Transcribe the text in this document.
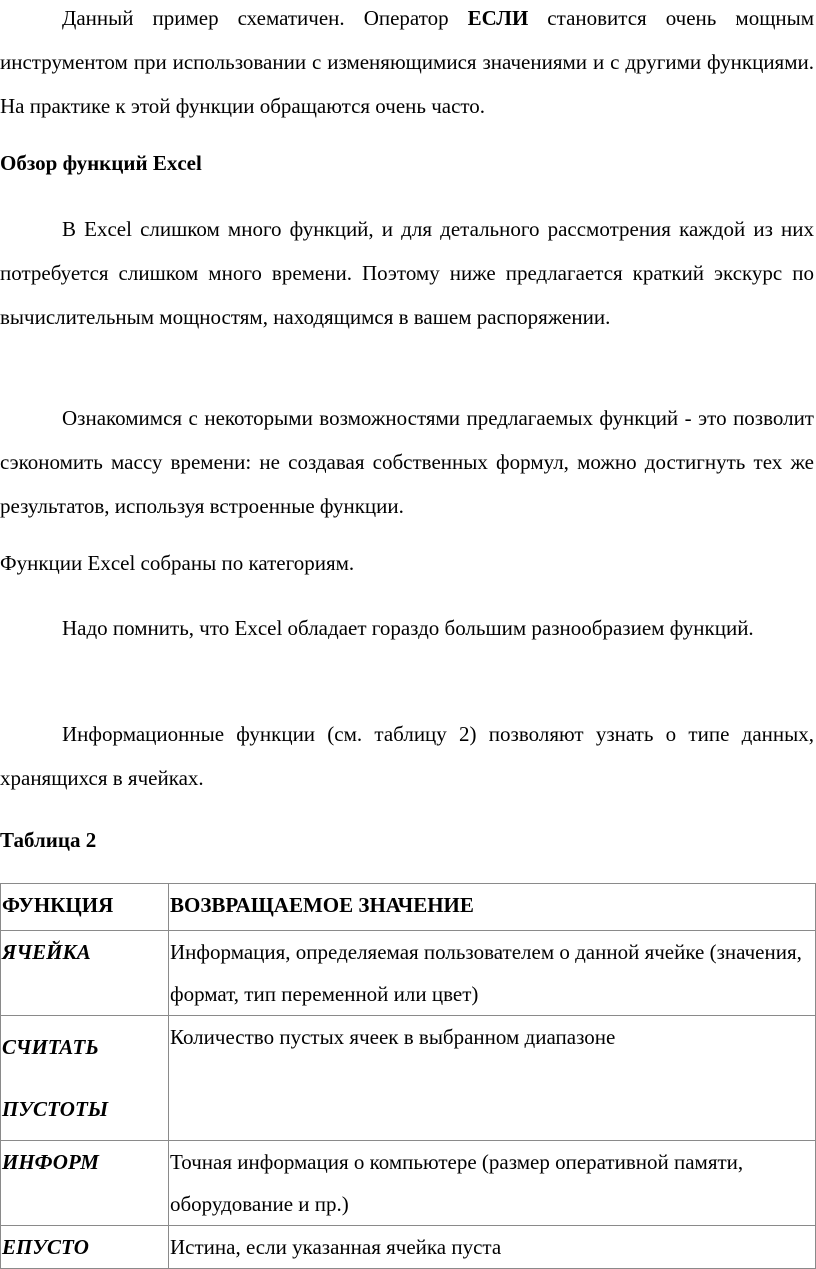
Данный пример схематичен. Оператор ЕСЛИ становится очень мощным инструментом при использовании с изменяющимися значениями и с другими функциями. На практике к этой функции обращаются очень часто.
Обзор функций Excel
В Excel слишком много функций, и для детального рассмотрения каждой из них потребуется слишком много времени. Поэтому ниже предлагается краткий экскурс по вычислительным мощностям, находящимся в вашем распоряжении.
Ознакомимся с некоторыми возможностями предлагаемых функций - это позволит сэкономить массу времени: не создавая собственных формул, можно достигнуть тех же результатов, используя встроенные функции.
Функции Excel собраны по категориям.
Надо помнить, что Excel обладает гораздо большим разнообразием функций.
Информационные функции (см. таблицу 2) позволяют узнать о типе данных, хранящихся в ячейках.
Таблица 2
ФУНКЦИЯ	ВОЗВРАЩАЕМОЕ ЗНАЧЕНИЕ
ЯЧЕЙКА	Информация, определяемая пользователем о данной ячейке (значения, формат, тип переменной или цвет)
СЧИТАТЬ ПУСТОТЫ	Количество пустых ячеек в выбранном диапазоне
ИНФОРМ	Точная информация о компьютере (размер оперативной памяти, оборудование и пр.)
ЕПУСТО	Истина, если указанная ячейка пуста
